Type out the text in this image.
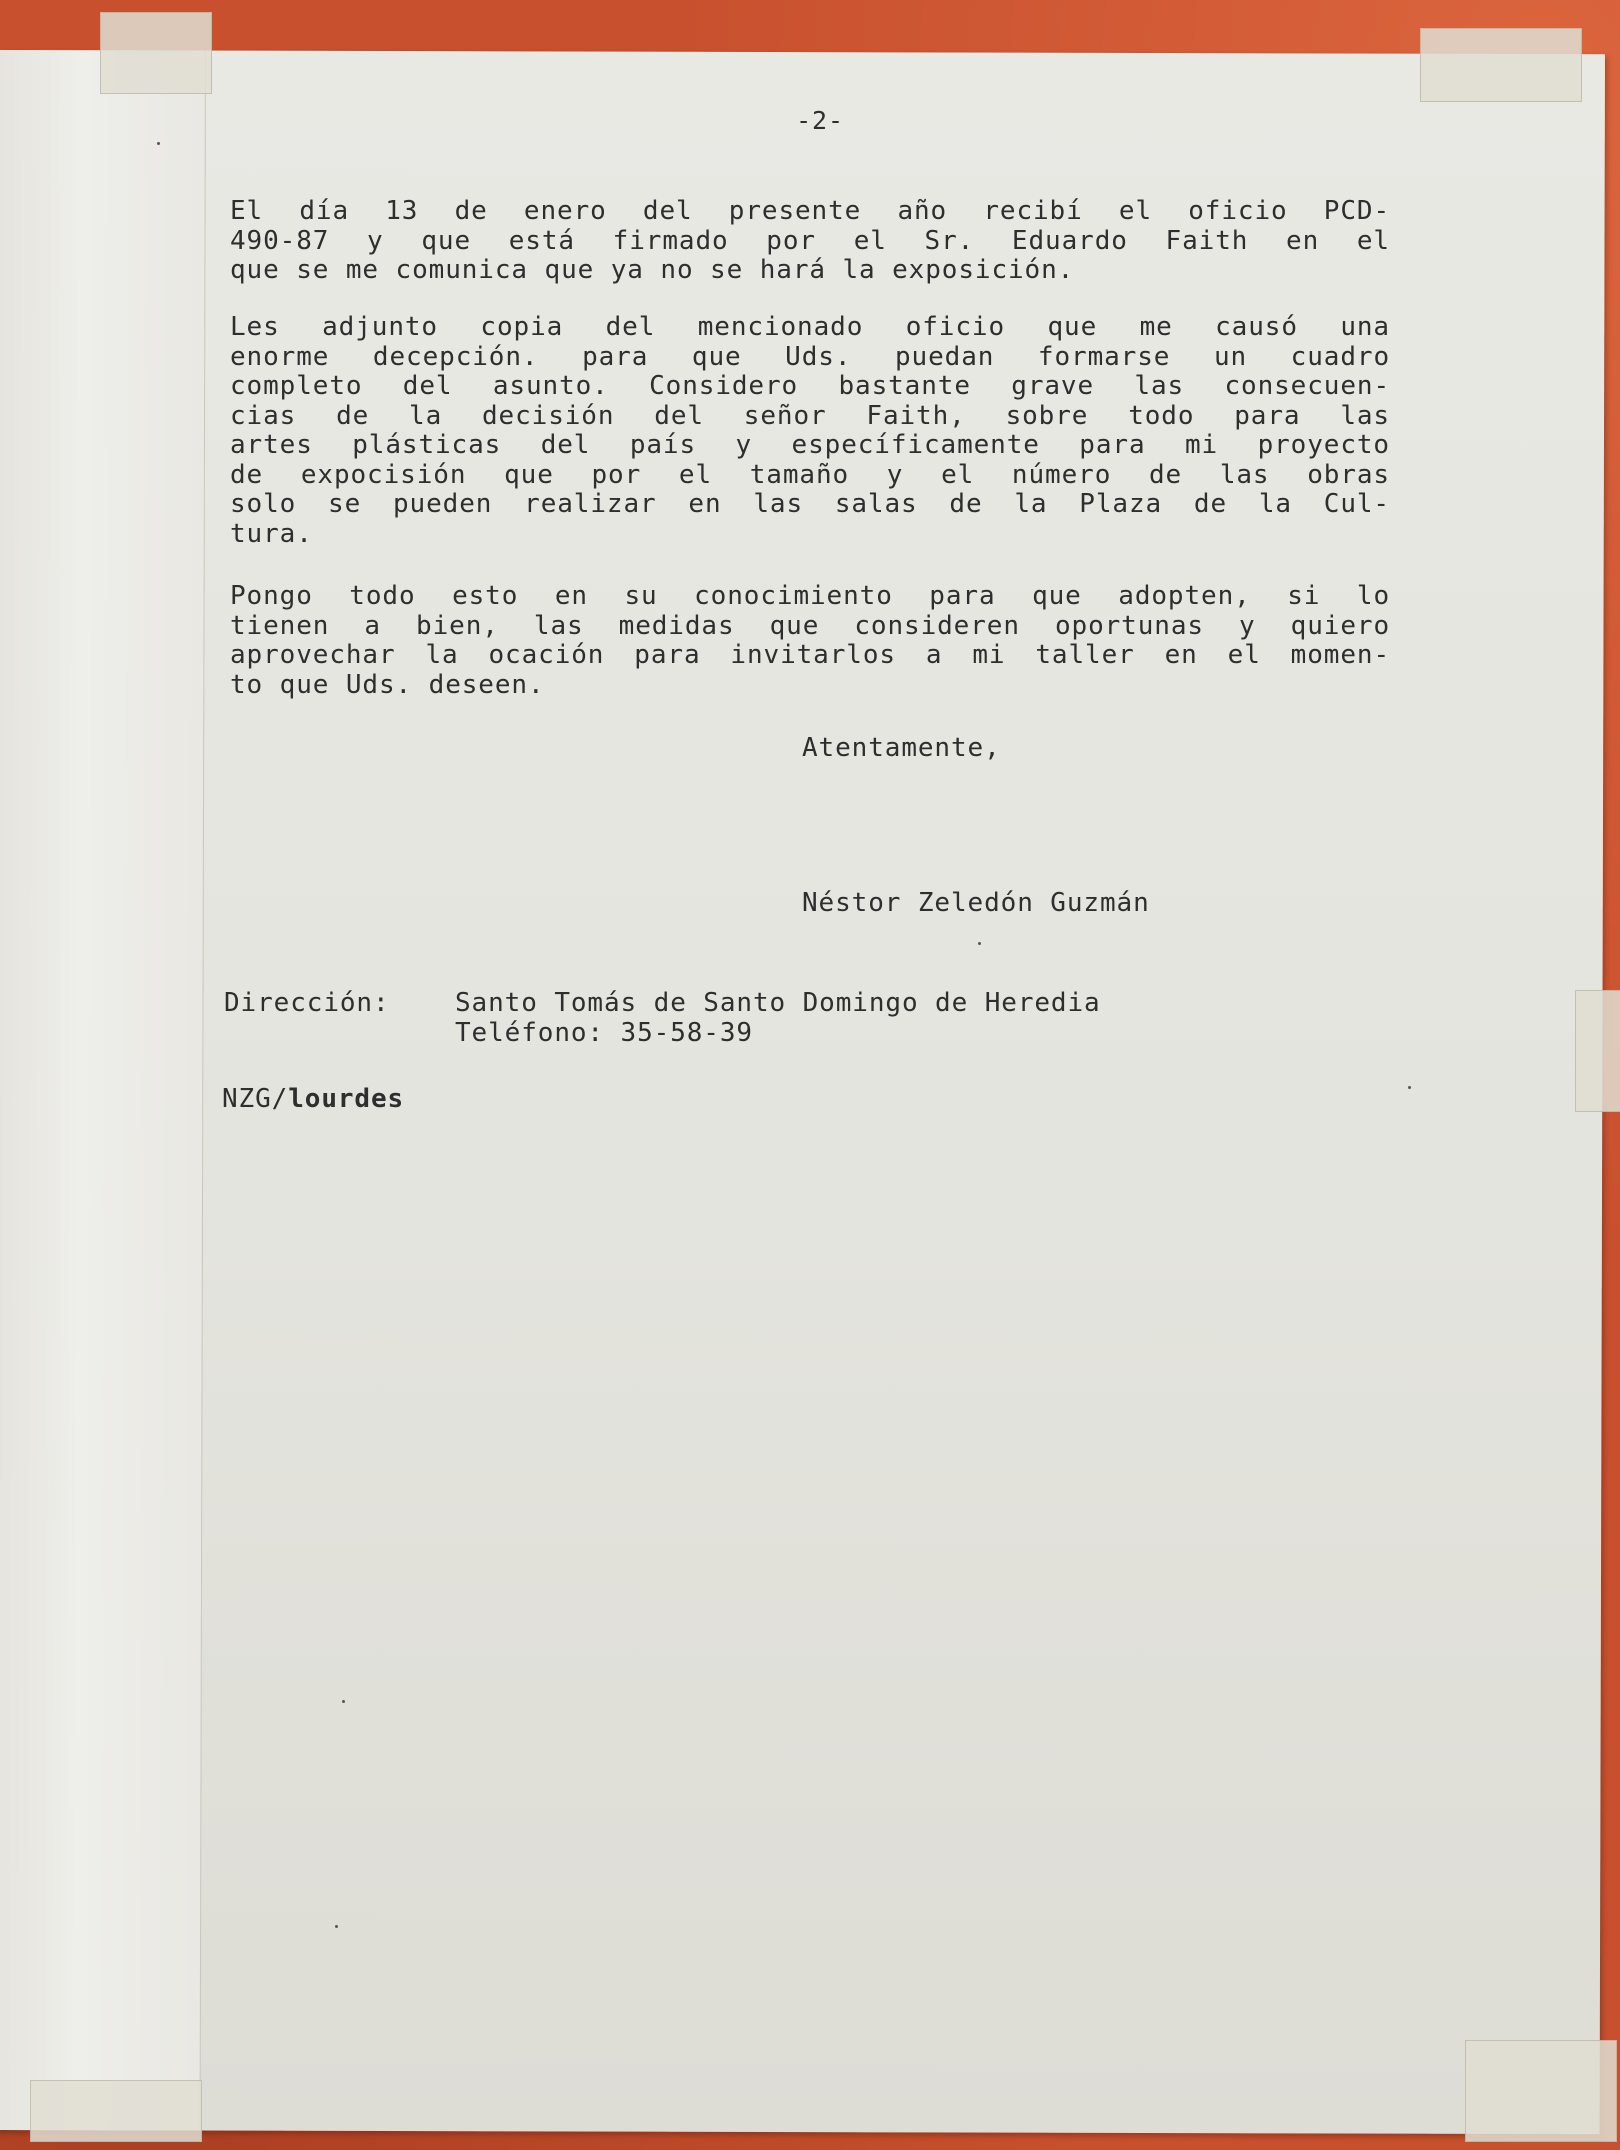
-2-
El día 13 de enero del presente año recibí el oficio PCD-
490-87 y que está firmado por el Sr. Eduardo Faith en el
que se me comunica que ya no se hará la exposición.
Les adjunto copia del mencionado oficio que me causó una
enorme decepción. para que Uds. puedan formarse un cuadro
completo del asunto. Considero bastante grave las consecuen-
cias de la decisión del señor Faith, sobre todo para las
artes plásticas del país y específicamente para mi proyecto
de expocisión que por el tamaño y el número de las obras
solo se pueden realizar en las salas de la Plaza de la Cul-
tura.
Pongo todo esto en su conocimiento para que adopten, si lo
tienen a bien, las medidas que consideren oportunas y quiero
aprovechar la ocación para invitarlos a mi taller en el momen-
to que Uds. deseen.
Atentamente,
Néstor Zeledón Guzmán
Dirección:	Santo Tomás de Santo Domingo de Heredia
Teléfono: 35-58-39
NZG/lourdes
